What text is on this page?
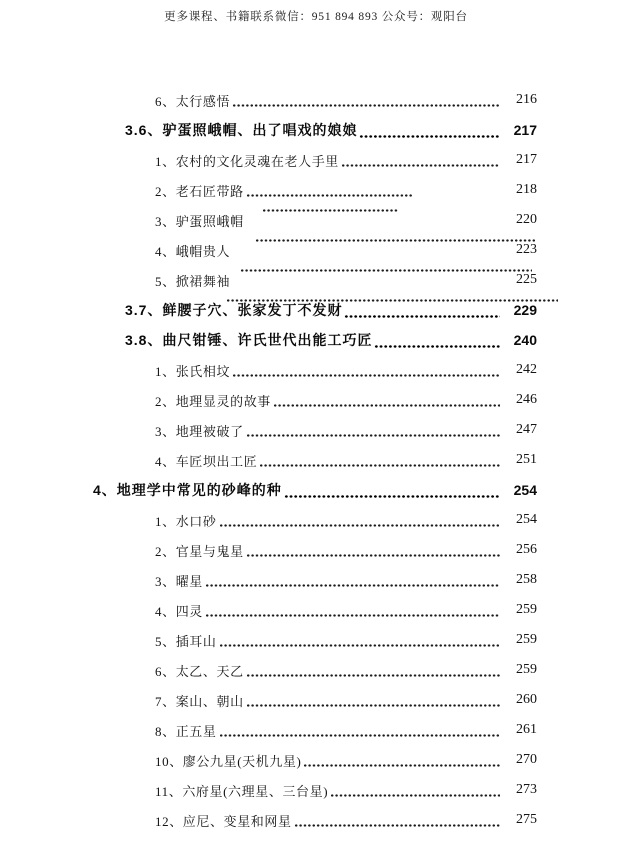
更多课程、书籍联系微信：951 894 893 公众号：观阳台
6、太行感悟	216
3.6、驴蛋照峨帽、出了唱戏的娘娘	217
1、农村的文化灵魂在老人手里	217
2、老石匠带路	218
3、驴蛋照峨帽	220
4、峨帽贵人	223
5、掀裙舞袖	225
3.7、鲜腰子穴、张家发丁不发财	229
3.8、曲尺钳锤、许氏世代出能工巧匠	240
1、张氏相坟	242
2、地理显灵的故事	246
3、地理被破了	247
4、车匠坝出工匠	251
4、地理学中常见的砂峰的种	254
1、水口砂	254
2、官星与鬼星	256
3、曜星	258
4、四灵	259
5、插耳山	259
6、太乙、天乙	259
7、案山、朝山	260
8、正五星	261
10、廖公九星(天机九星)	270
11、六府星(六理星、三台星)	273
12、应尼、变星和网星	275
